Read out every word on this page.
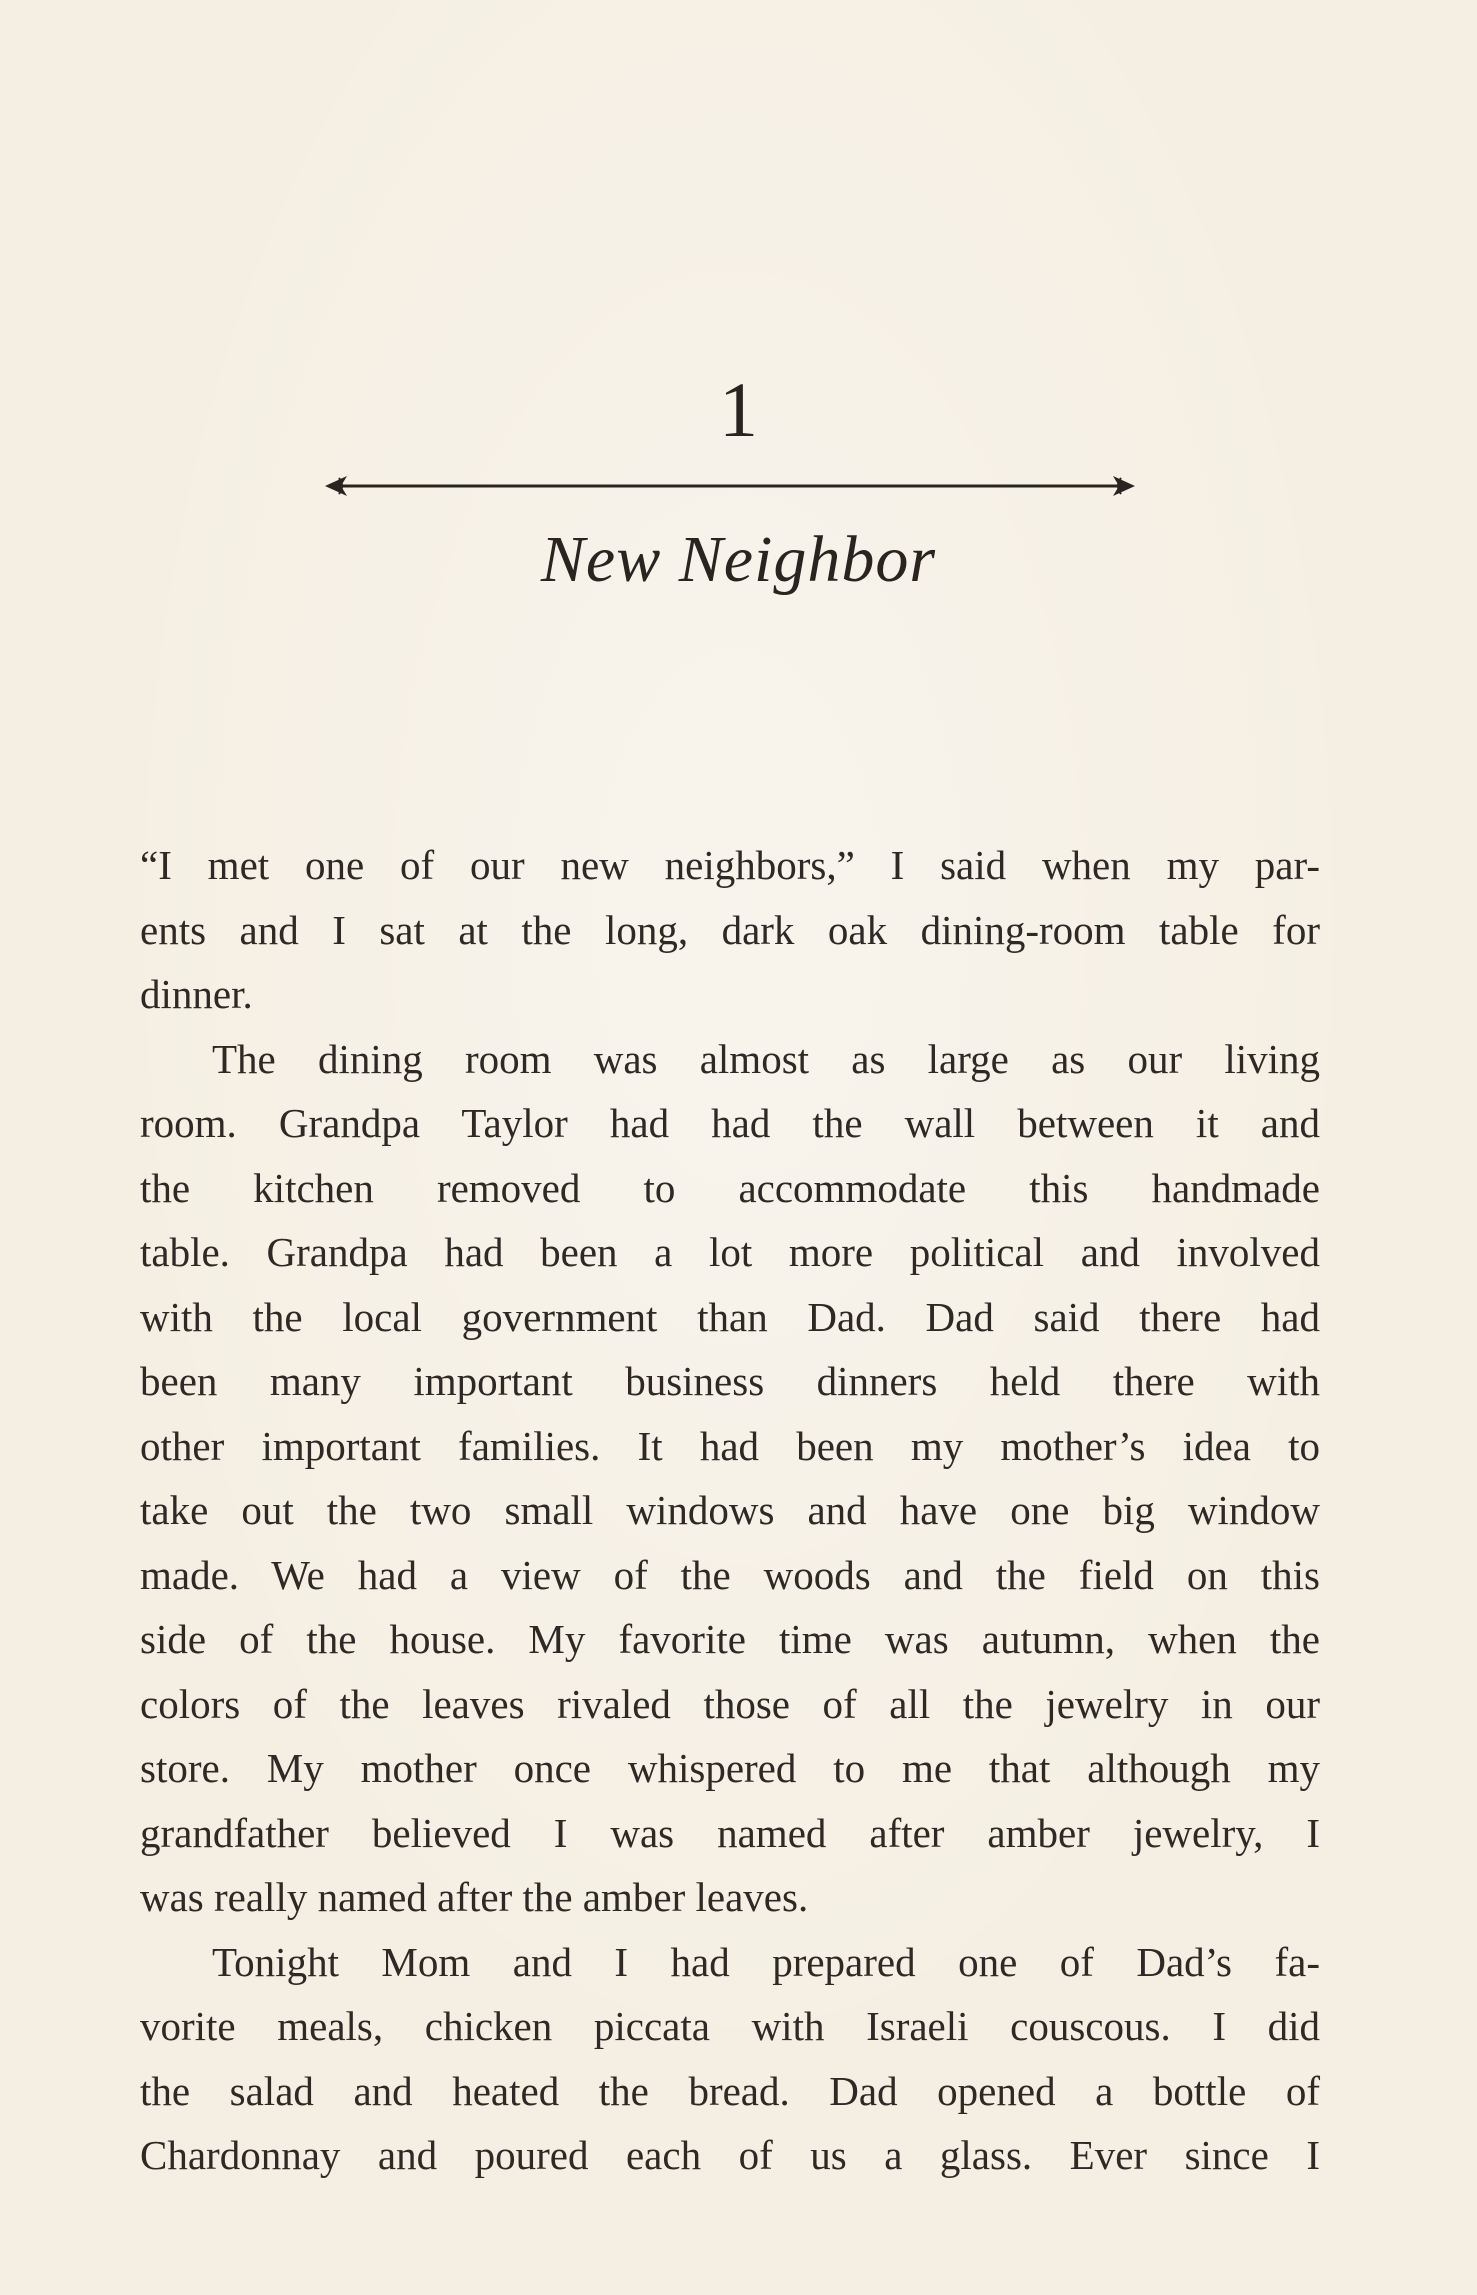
1
New Neighbor
“I met one of our new neighbors,” I said when my par-
ents and I sat at the long, dark oak dining-room table for
dinner.
The dining room was almost as large as our living
room. Grandpa Taylor had had the wall between it and
the kitchen removed to accommodate this handmade
table. Grandpa had been a lot more political and involved
with the local government than Dad. Dad said there had
been many important business dinners held there with
other important families. It had been my mother’s idea to
take out the two small windows and have one big window
made. We had a view of the woods and the field on this
side of the house. My favorite time was autumn, when the
colors of the leaves rivaled those of all the jewelry in our
store. My mother once whispered to me that although my
grandfather believed I was named after amber jewelry, I
was really named after the amber leaves.
Tonight Mom and I had prepared one of Dad’s fa-
vorite meals, chicken piccata with Israeli couscous. I did
the salad and heated the bread. Dad opened a bottle of
Chardonnay and poured each of us a glass. Ever since I
